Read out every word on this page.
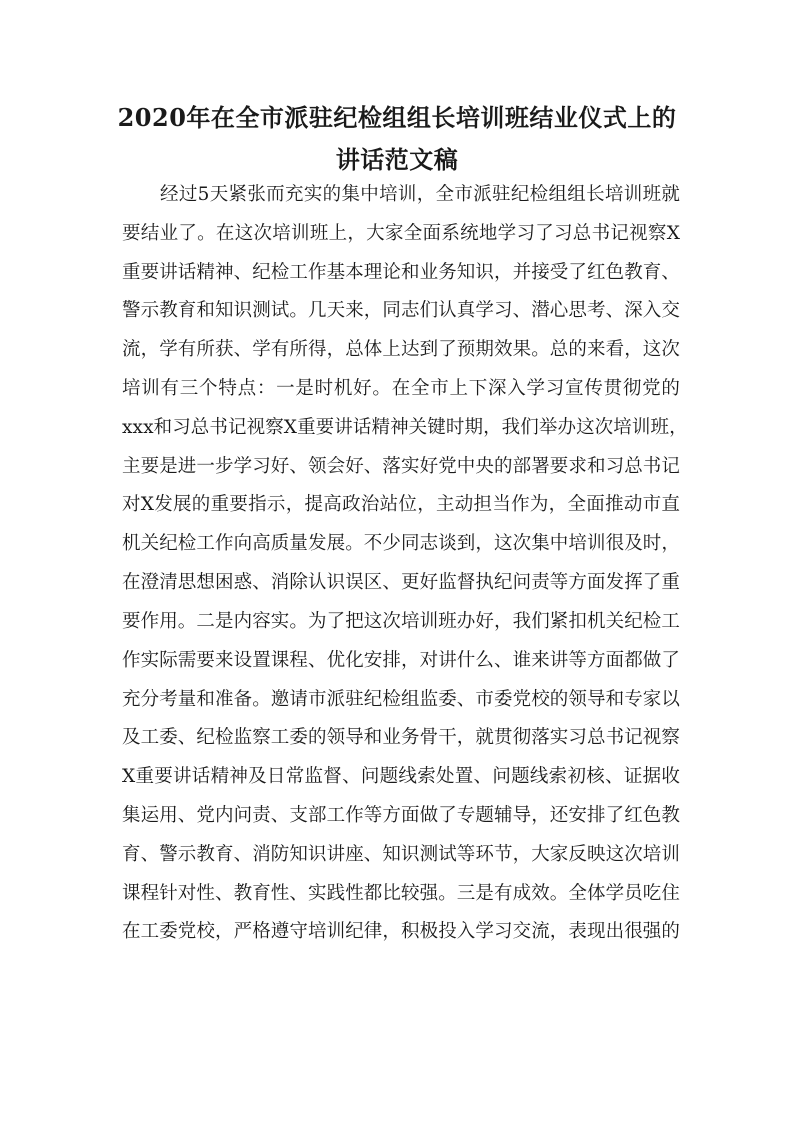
2020年在全市派驻纪检组组长培训班结业仪式上的
讲话范文稿
经过5天紧张而充实的集中培训，全市派驻纪检组组长培训班就
要结业了。在这次培训班上，大家全面系统地学习了习总书记视察X
重要讲话精神、纪检工作基本理论和业务知识，并接受了红色教育、
警示教育和知识测试。几天来，同志们认真学习、潜心思考、深入交
流，学有所获、学有所得，总体上达到了预期效果。总的来看，这次
培训有三个特点：一是时机好。在全市上下深入学习宣传贯彻党的
xxx和习总书记视察X重要讲话精神关键时期，我们举办这次培训班，
主要是进一步学习好、领会好、落实好党中央的部署要求和习总书记
对X发展的重要指示，提高政治站位，主动担当作为，全面推动市直
机关纪检工作向高质量发展。不少同志谈到，这次集中培训很及时，
在澄清思想困惑、消除认识误区、更好监督执纪问责等方面发挥了重
要作用。二是内容实。为了把这次培训班办好，我们紧扣机关纪检工
作实际需要来设置课程、优化安排，对讲什么、谁来讲等方面都做了
充分考量和准备。邀请市派驻纪检组监委、市委党校的领导和专家以
及工委、纪检监察工委的领导和业务骨干，就贯彻落实习总书记视察
X重要讲话精神及日常监督、问题线索处置、问题线索初核、证据收
集运用、党内问责、支部工作等方面做了专题辅导，还安排了红色教
育、警示教育、消防知识讲座、知识测试等环节，大家反映这次培训
课程针对性、教育性、实践性都比较强。三是有成效。全体学员吃住
在工委党校，严格遵守培训纪律，积极投入学习交流，表现出很强的
